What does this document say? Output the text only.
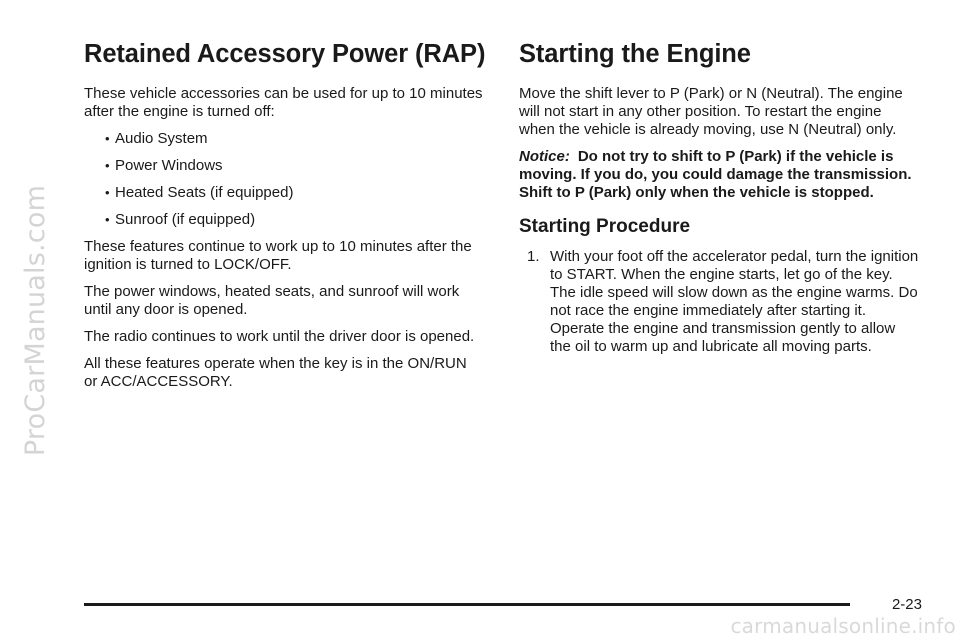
ProCarManuals.com
Retained Accessory Power (RAP)

These vehicle accessories can be used for up to 10 minutes after the engine is turned off:

• Audio System
• Power Windows
• Heated Seats (if equipped)
• Sunroof (if equipped)

These features continue to work up to 10 minutes after the ignition is turned to LOCK/OFF.

The power windows, heated seats, and sunroof will work until any door is opened.

The radio continues to work until the driver door is opened.

All these features operate when the key is in the ON/RUN or ACC/ACCESSORY.

Starting the Engine

Move the shift lever to P (Park) or N (Neutral). The engine will not start in any other position. To restart the engine when the vehicle is already moving, use N (Neutral) only.

Notice: Do not try to shift to P (Park) if the vehicle is moving. If you do, you could damage the transmission. Shift to P (Park) only when the vehicle is stopped.

Starting Procedure
1. With your foot off the accelerator pedal, turn the ignition to START. When the engine starts, let go of the key. The idle speed will slow down as the engine warms. Do not race the engine immediately after starting it. Operate the engine and transmission gently to allow the oil to warm up and lubricate all moving parts.
2-23
carmanualsonline.info
